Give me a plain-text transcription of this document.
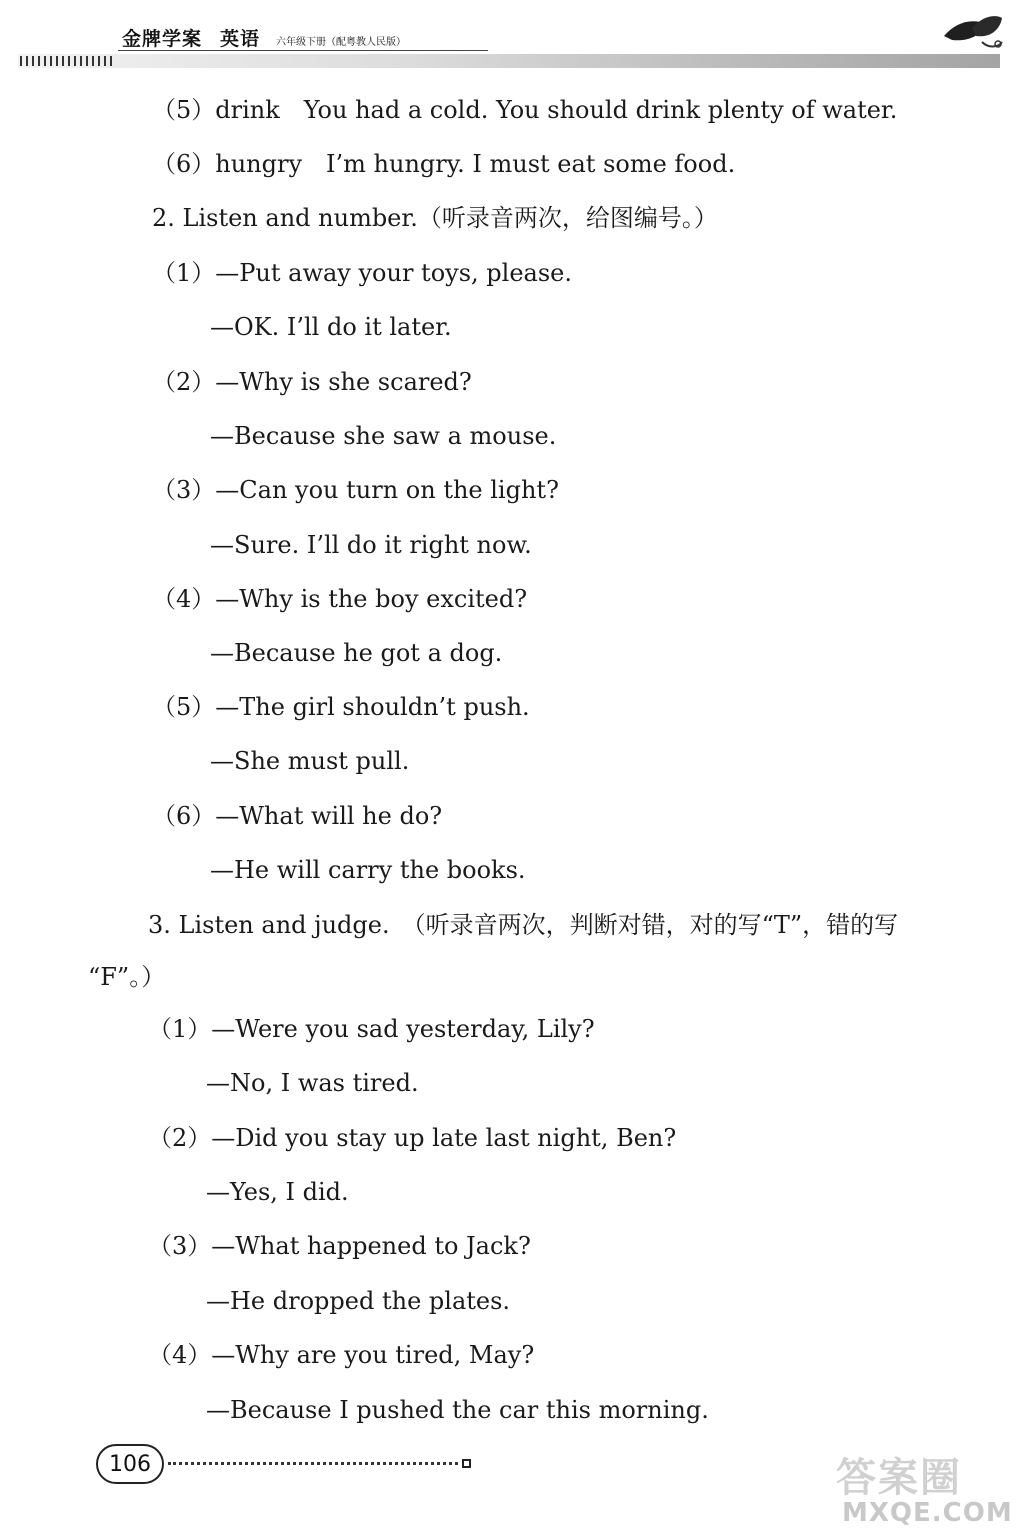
金牌学案 英语 六年级下册（配粤教人民版）
（5）drink　You had a cold. You should drink plenty of water.
（6）hungry　I’m hungry. I must eat some food.
2. Listen and number.（听录音两次，给图编号。）
（1）—Put away your toys, please.
—OK. I’ll do it later.
（2）—Why is she scared?
—Because she saw a mouse.
（3）—Can you turn on the light?
—Sure. I’ll do it right now.
（4）—Why is the boy excited?
—Because he got a dog.
（5）—The girl shouldn’t push.
—She must pull.
（6）—What will he do?
—He will carry the books.
3. Listen and judge.　（听录音两次，判断对错，对的写“T”，错的写
“F”。）
（1）—Were you sad yesterday, Lily?
—No, I was tired.
（2）—Did you stay up late last night, Ben?
—Yes, I did.
（3）—What happened to Jack?
—He dropped the plates.
（4）—Why are you tired, May?
—Because I pushed the car this morning.
106	答案圈
MXQE.COM
